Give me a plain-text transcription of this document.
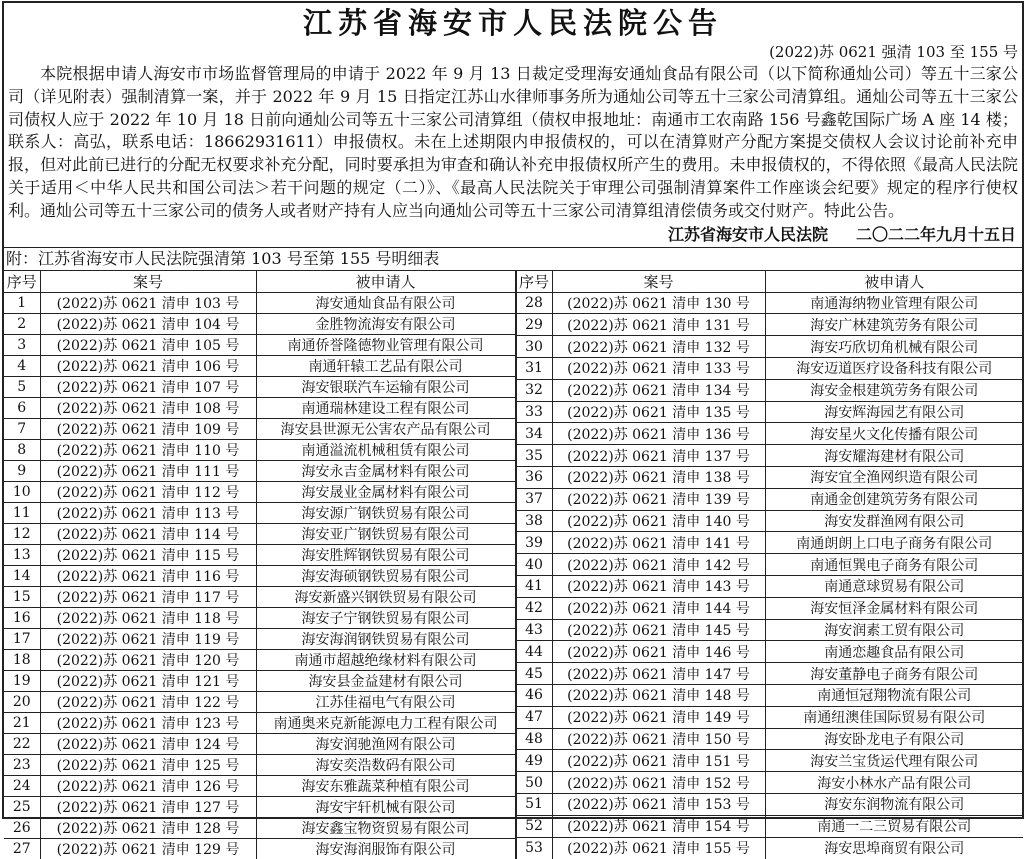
江苏省海安市人民法院公告
(2022)苏 0621 强清 103 至 155 号
本院根据申请人海安市市场监督管理局的申请于 2022 年 9 月 13 日裁定受理海安通灿食品有限公司（以下简称通灿公司）等五十三家公司（详见附表）强制清算一案，并于 2022 年 9 月 15 日指定江苏山水律师事务所为通灿公司等五十三家公司清算组。通灿公司等五十三家公司债权人应于 2022 年 10 月 18 日前向通灿公司等五十三家公司清算组（债权申报地址：南通市工农南路 156 号鑫乾国际广场 A 座 14 楼；联系人：高弘，联系电话：18662931611）申报债权。未在上述期限内申报债权的，可以在清算财产分配方案提交债权人会议讨论前补充申报，但对此前已进行的分配无权要求补充分配，同时要承担为审查和确认补充申报债权所产生的费用。未申报债权的，不得依照《最高人民法院关于适用＜中华人民共和国公司法＞若干问题的规定（二）》、《最高人民法院关于审理公司强制清算案件工作座谈会纪要》规定的程序行使权利。通灿公司等五十三家公司的债务人或者财产持有人应当向通灿公司等五十三家公司清算组清偿债务或交付财产。特此公告。
江苏省海安市人民法院 二〇二二年九月十五日
附：江苏省海安市人民法院强清第 103 号至第 155 号明细表
序号	案号	被申请人
1	(2022)苏 0621 清申 103 号	海安通灿食品有限公司
2	(2022)苏 0621 清申 104 号	金胜物流海安有限公司
3	(2022)苏 0621 清申 105 号	南通侨誉隆德物业管理有限公司
4	(2022)苏 0621 清申 106 号	南通轩辕工艺品有限公司
5	(2022)苏 0621 清申 107 号	海安银联汽车运输有限公司
6	(2022)苏 0621 清申 108 号	南通瑞林建设工程有限公司
7	(2022)苏 0621 清申 109 号	海安县世源无公害农产品有限公司
8	(2022)苏 0621 清申 110 号	南通溢流机械租赁有限公司
9	(2022)苏 0621 清申 111 号	海安永吉金属材料有限公司
10	(2022)苏 0621 清申 112 号	海安晟业金属材料有限公司
11	(2022)苏 0621 清申 113 号	海安源广钢铁贸易有限公司
12	(2022)苏 0621 清申 114 号	海安亚广钢铁贸易有限公司
13	(2022)苏 0621 清申 115 号	海安胜辉钢铁贸易有限公司
14	(2022)苏 0621 清申 116 号	海安海硕钢铁贸易有限公司
15	(2022)苏 0621 清申 117 号	海安新盛兴钢铁贸易有限公司
16	(2022)苏 0621 清申 118 号	海安子宁钢铁贸易有限公司
17	(2022)苏 0621 清申 119 号	海安海润钢铁贸易有限公司
18	(2022)苏 0621 清申 120 号	南通市超越绝缘材料有限公司
19	(2022)苏 0621 清申 121 号	海安县金益建材有限公司
20	(2022)苏 0621 清申 122 号	江苏佳福电气有限公司
21	(2022)苏 0621 清申 123 号	南通奥来克新能源电力工程有限公司
22	(2022)苏 0621 清申 124 号	海安润驰渔网有限公司
23	(2022)苏 0621 清申 125 号	海安奕浩数码有限公司
24	(2022)苏 0621 清申 126 号	海安东雅蔬菜种植有限公司
25	(2022)苏 0621 清申 127 号	海安宇轩机械有限公司
26	(2022)苏 0621 清申 128 号	海安鑫宝物资贸易有限公司
27	(2022)苏 0621 清申 129 号	海安海润服饰有限公司
序号	案号	被申请人
28	(2022)苏 0621 清申 130 号	南通海纳物业管理有限公司
29	(2022)苏 0621 清申 131 号	海安广林建筑劳务有限公司
30	(2022)苏 0621 清申 132 号	海安巧欣切角机械有限公司
31	(2022)苏 0621 清申 133 号	海安迈道医疗设备科技有限公司
32	(2022)苏 0621 清申 134 号	海安金根建筑劳务有限公司
33	(2022)苏 0621 清申 135 号	海安辉海园艺有限公司
34	(2022)苏 0621 清申 136 号	海安星火文化传播有限公司
35	(2022)苏 0621 清申 137 号	海安耀海建材有限公司
36	(2022)苏 0621 清申 138 号	海安宜全渔网织造有限公司
37	(2022)苏 0621 清申 139 号	南通金创建筑劳务有限公司
38	(2022)苏 0621 清申 140 号	海安发群渔网有限公司
39	(2022)苏 0621 清申 141 号	南通朗朗上口电子商务有限公司
40	(2022)苏 0621 清申 142 号	南通恒巽电子商务有限公司
41	(2022)苏 0621 清申 143 号	南通意球贸易有限公司
42	(2022)苏 0621 清申 144 号	海安恒泽金属材料有限公司
43	(2022)苏 0621 清申 145 号	海安润素工贸有限公司
44	(2022)苏 0621 清申 146 号	南通恋趣食品有限公司
45	(2022)苏 0621 清申 147 号	海安董静电子商务有限公司
46	(2022)苏 0621 清申 148 号	南通恒冠翔物流有限公司
47	(2022)苏 0621 清申 149 号	南通纽澳佳国际贸易有限公司
48	(2022)苏 0621 清申 150 号	海安卧龙电子有限公司
49	(2022)苏 0621 清申 151 号	海安兰宝货运代理有限公司
50	(2022)苏 0621 清申 152 号	海安小林水产品有限公司
51	(2022)苏 0621 清申 153 号	海安东润物流有限公司
52	(2022)苏 0621 清申 154 号	南通一二三贸易有限公司
53	(2022)苏 0621 清申 155 号	海安思埠商贸有限公司
